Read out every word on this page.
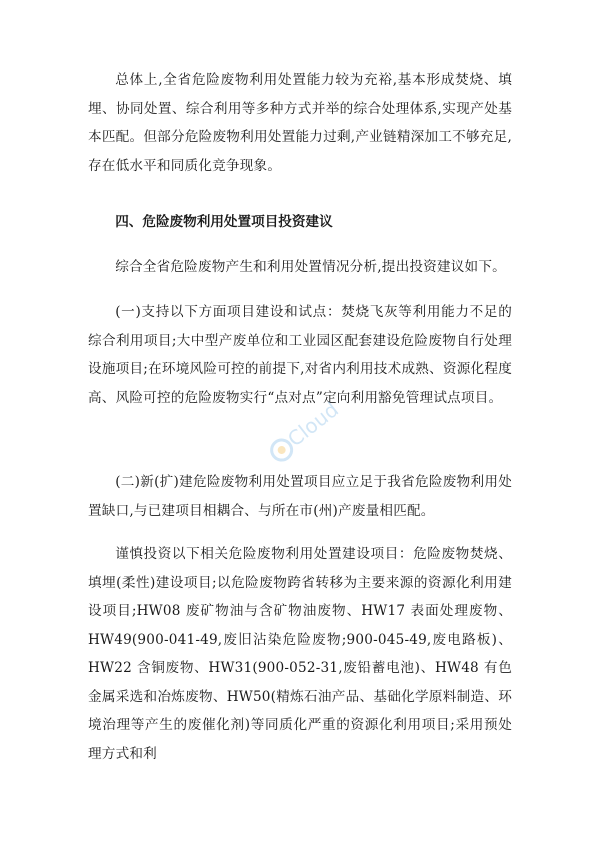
总体上,全省危险废物利用处置能力较为充裕,基本形成焚烧、填埋、协同处置、综合利用等多种方式并举的综合处理体系,实现产处基本匹配。但部分危险废物利用处置能力过剩,产业链精深加工不够充足,存在低水平和同质化竞争现象。

四、危险废物利用处置项目投资建议

综合全省危险废物产生和利用处置情况分析,提出投资建议如下。

(一)支持以下方面项目建设和试点：焚烧飞灰等利用能力不足的综合利用项目;大中型产废单位和工业园区配套建设危险废物自行处理设施项目;在环境风险可控的前提下,对省内利用技术成熟、资源化程度高、风险可控的危险废物实行“点对点”定向利用豁免管理试点项目。

(二)新(扩)建危险废物利用处置项目应立足于我省危险废物利用处置缺口,与已建项目相耦合、与所在市(州)产废量相匹配。

谨慎投资以下相关危险废物利用处置建设项目：危险废物焚烧、填埋(柔性)建设项目;以危险废物跨省转移为主要来源的资源化利用建设项目;HW08 废矿物油与含矿物油废物、HW17 表面处理废物、HW49(900-041-49,废旧沾染危险废物;900-045-49,废电路板)、HW22 含铜废物、HW31(900-052-31,废铅蓄电池)、HW48 有色金属采选和冶炼废物、HW50(精炼石油产品、基础化学原料制造、环境治理等产生的废催化剂)等同质化严重的资源化利用项目;采用预处理方式和利

Cloud
